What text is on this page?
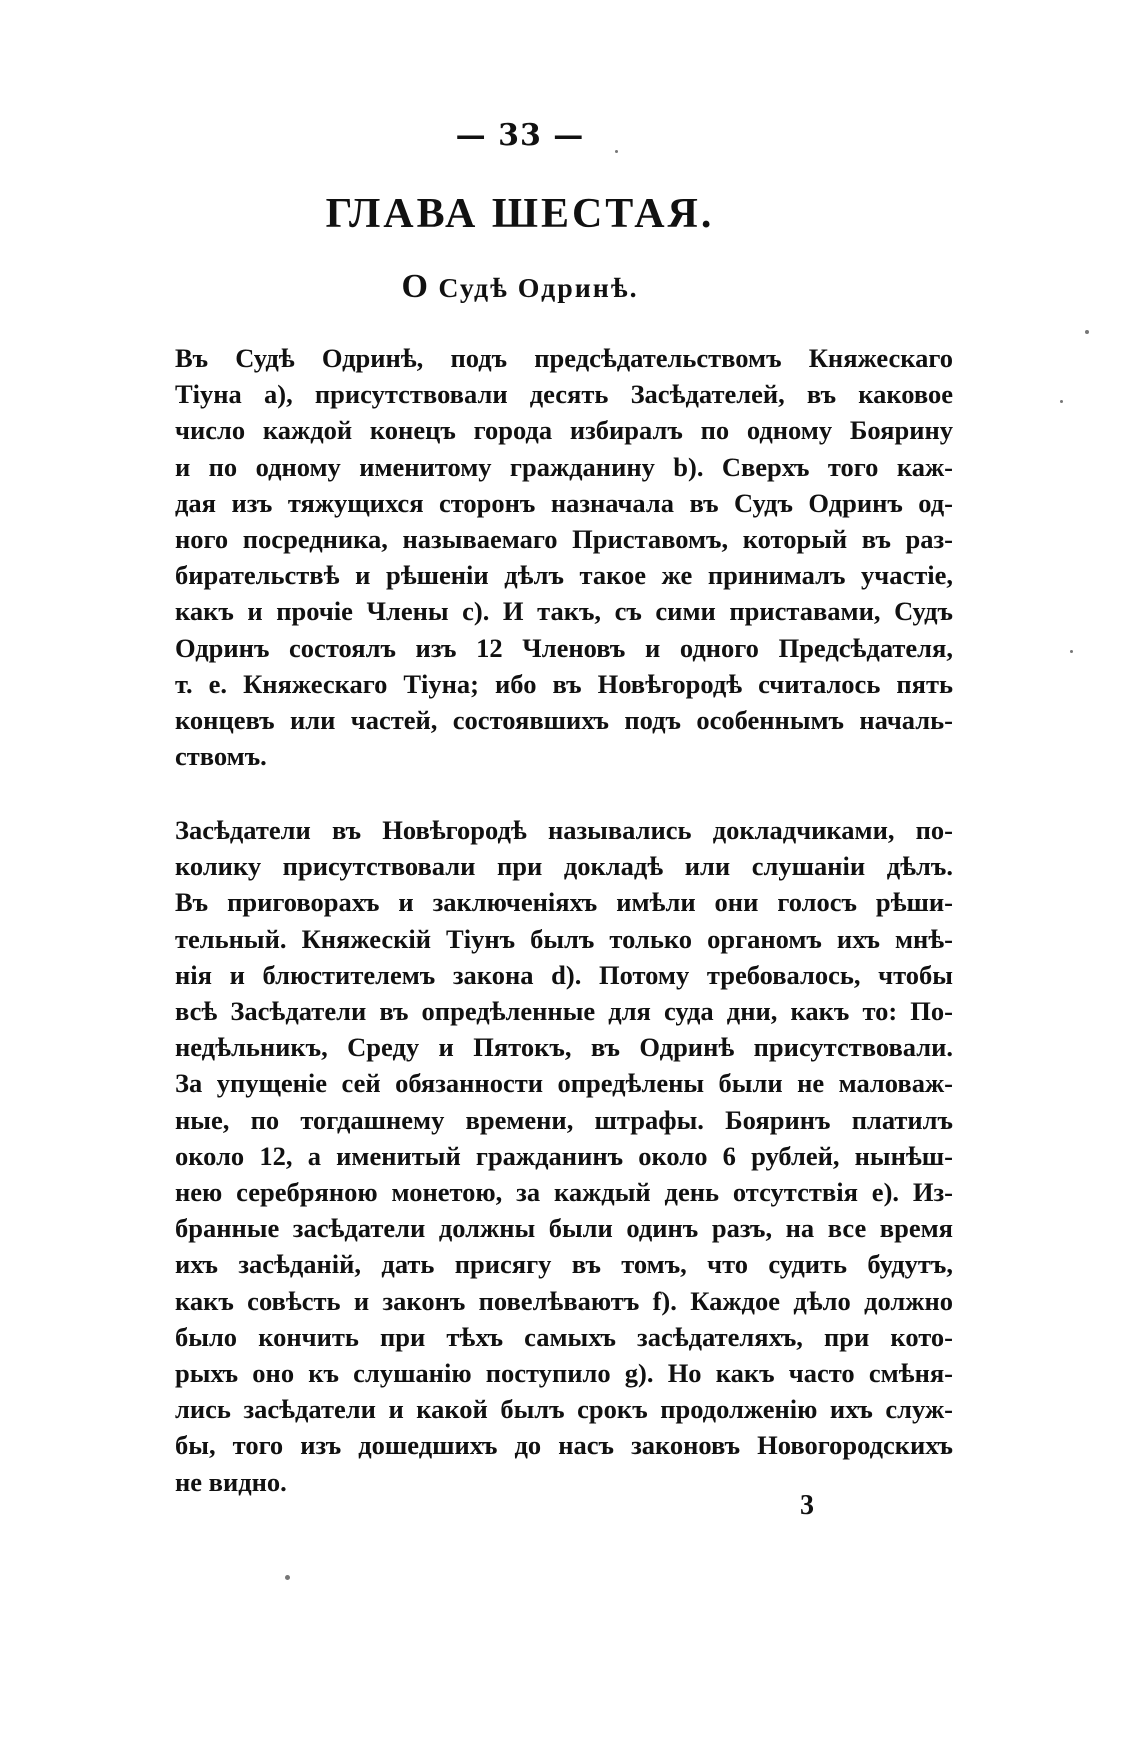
— 33 —
ГЛАВА ШЕСТАЯ.
О Судѣ Одринѣ.
Въ Судѣ Одринѣ, подъ предсѣдательствомъ Княжескаго
Тіуна а), присутствовали десять Засѣдателей, въ каковое
число каждой конецъ города избиралъ по одному Боярину
и по одному именитому гражданину b). Сверхъ того каж-
дая изъ тяжущихся сторонъ назначала въ Судъ Одринъ од-
ного посредника, называемаго Приставомъ, который въ раз-
бирательствѣ и рѣшеніи дѣлъ такое же принималъ участіе,
какъ и прочіе Члены с). И такъ, съ сими приставами, Судъ
Одринъ состоялъ изъ 12 Членовъ и одного Предсѣдателя,
т. е. Княжескаго Тіуна; ибо въ Новѣгородѣ считалось пять
концевъ или частей, состоявшихъ подъ особеннымъ началь-
ствомъ.
Засѣдатели въ Новѣгородѣ назывались докладчиками, по-
колику присутствовали при докладѣ или слушаніи дѣлъ.
Въ приговорахъ и заключеніяхъ имѣли они голосъ рѣши-
тельный. Княжескій Тіунъ былъ только органомъ ихъ мнѣ-
нія и блюстителемъ закона d). Потому требовалось, чтобы
всѣ Засѣдатели въ опредѣленные для суда дни, какъ то: По-
недѣльникъ, Среду и Пятокъ, въ Одринѣ присутствовали.
За упущеніе сей обязанности опредѣлены были не маловаж-
ные, по тогдашнему времени, штрафы. Бояринъ платилъ
около 12, а именитый гражданинъ около 6 рублей, нынѣш-
нею серебряною монетою, за каждый день отсутствія е). Из-
бранные засѣдатели должны были одинъ разъ, на все время
ихъ засѣданій, дать присягу въ томъ, что судить будутъ,
какъ совѣсть и законъ повелѣваютъ f). Каждое дѣло должно
было кончить при тѣхъ самыхъ засѣдателяхъ, при кото-
рыхъ оно къ слушанію поступило g). Но какъ часто смѣня-
лись засѣдатели и какой былъ срокъ продолженію ихъ служ-
бы, того изъ дошедшихъ до насъ законовъ Новогородскихъ
не видно.
3
